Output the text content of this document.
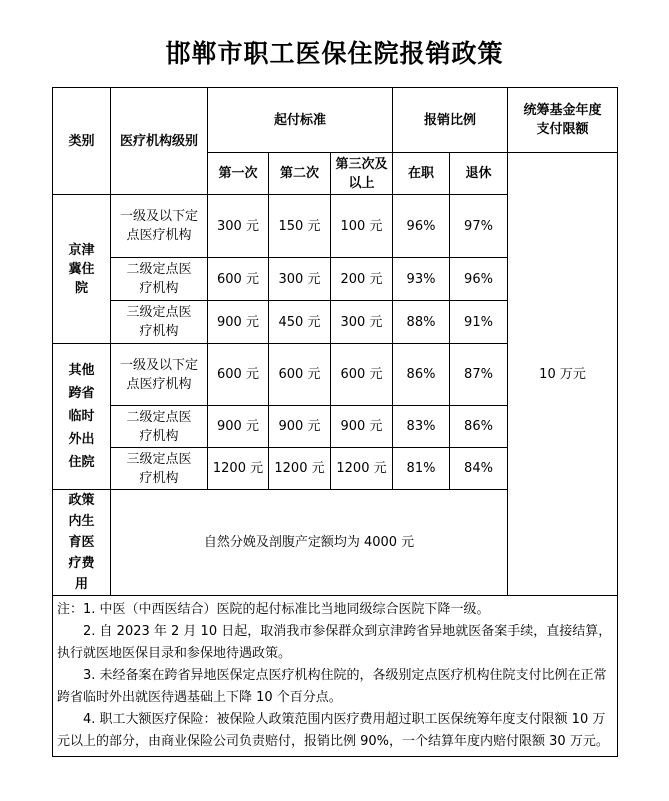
邯郸市职工医保住院报销政策
类别	医疗机构级别	起付标准			报销比例		统筹基金年度支付限额
		第一次	第二次	第三次及以上	在职	退休	10 万元
京津冀住院	一级及以下定点医疗机构	300 元	150 元	100 元	96%	97%	
	二级定点医疗机构	600 元	300 元	200 元	93%	96%	
	三级定点医疗机构	900 元	450 元	300 元	88%	91%	
其他跨省临时外出住院	一级及以下定点医疗机构	600 元	600 元	600 元	86%	87%	
	二级定点医疗机构	900 元	900 元	900 元	83%	86%	
	三级定点医疗机构	1200 元	1200 元	1200 元	81%	84%	
政策内生育医疗费用	自然分娩及剖腹产定额均为 4000 元						

注：1. 中医（中西医结合）医院的起付标准比当地同级综合医院下降一级。

2. 自 2023 年 2 月 10 日起，取消我市参保群众到京津跨省异地就医备案手续，直接结算，执行就医地医保目录和参保地待遇政策。

3. 未经备案在跨省异地医保定点医疗机构住院的，各级别定点医疗机构住院支付比例在正常跨省临时外出就医待遇基础上下降 10 个百分点。

4. 职工大额医疗保险：被保险人政策范围内医疗费用超过职工医保统筹年度支付限额 10 万元以上的部分，由商业保险公司负责赔付，报销比例 90%，一个结算年度内赔付限额 30 万元。							
